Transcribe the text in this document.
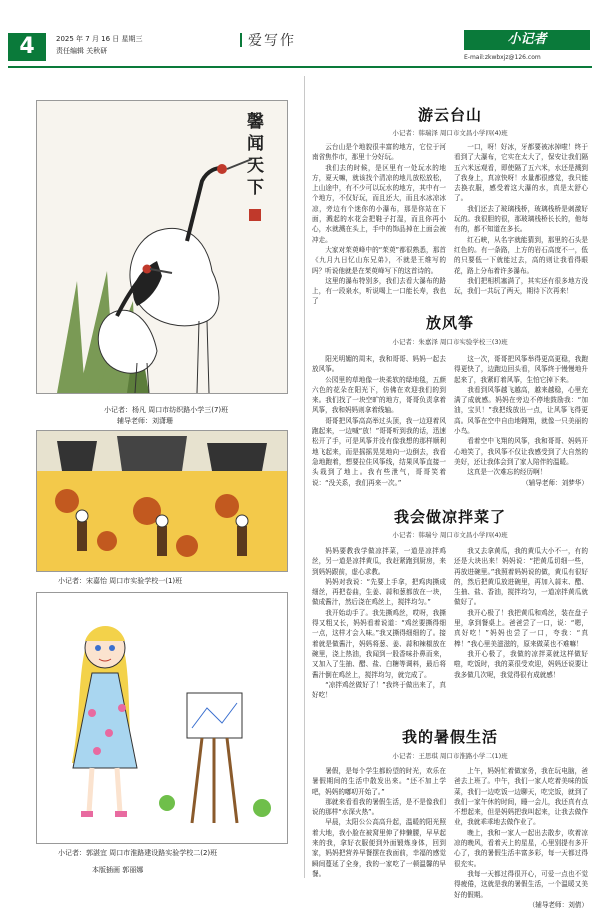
4	2025 年 7 月 16 日 星期三
责任编辑 关秋研
爱写作	小记者
E-mail:zkwbxjz@126.com
馨闻天下
小记者：杨凡 周口市纺织路小学三(7)班
辅导老师：刘潇珊
小记者：宋嘉怡 周口市实验学校一(1)班
小记者：郭湛宜 周口市淮路建设路实验学校二(2)班
本版插画 郭丽娜
游云台山
小记者：韩瑞泽 周口市文昌小学四(4)班

云台山是个地貌很丰富的地方，它位于河南省焦作市，那里十分好玩。

我们去的时候，是区里有一处玩水的地方，夏天嘛，就该找个清凉的地儿放松放松，上山途中，有不少可以玩水的地方，其中有一个地方，不仅好玩，而且还大，而且水冰凉冰凉，旁边有个迷你的小瀑布，那是你站在下面，溅起的水花会把鞋子打湿，而且你再小心，水就溅在头上，手中的饰品掉在上面会被冲走。

大家对茱萸峰中的“茱萸”都很熟悉，那首《九月九日忆山东兄弟》，不就是王维写的吗？听说他就是在茱萸峰写下的这首诗的。

这里的瀑布特别多，我们去看大瀑布的路上，有一段泉水，听说喝上一口能长寿，我也了

一口，呀！好冰，牙都要被冰掉啦！终于看到了大瀑布，它实在太大了，保安让我们隔五六米远观看，即使隔了五六米，水还是溅到了我身上，真凉快呀！水量都很感觉，我只能去换衣服，感受着这大瀑的水，真是太舒心了。

我们还去了玻璃栈桥，玻璃栈桥是刺激好玩的。我很胆的很，那玻璃栈桥长长的，他每有的，都不知道在多长。

红石峡，从名字就能猜到，那里的石头是红色的。有一条路，上方的岩石高度不一，低的只要低一下就能过去，高的则让我看得眼花，路上分布着许多瀑布。

我们把相机塞满了，其实还有很多地方没玩，我们一共玩了两天，期待下次再来！

放风筝
小记者：朱嘉泽 周口市实验学校三(3)班

阳光明媚的周末，我和哥哥、妈妈一起去放风筝。

公园里的草地像一块柔软的绿地毯，五颜六色的花朵在阳光下，仿佛在欢迎我们的到来。我们找了一块空旷的地方，哥哥负责拿着风筝，我和妈妈则拿着线轴。

哥哥把风筝高高举过头顶，我一边迎着风跑起来，一边喊“放！”哥哥听到我的话，迅速松开了手，可是风筝并没有像我想的那样顺利地飞起来，而是摇摇晃晃地向一边倒去，我看急地跑着，想要拉住风筝线，结果风筝直接一头栽到了地上。我有些泄气，哥哥笑着说：“没关系，我们再来一次。”

这一次，哥哥把风筝举得更高更稳，我跑得更快了，边跑边回头看，风筝终于慢慢地升起来了，我紧盯着风筝，生怕它掉下来。

我看到风筝越飞越高，越来越稳，心里充满了成就感。妈妈在旁边不停地鼓励我：“加油，宝贝！”我把线放出一点，让风筝飞得更高。风筝在空中自由地翱翔，就像一只美丽的小鸟。

看着空中飞翔的风筝，我和哥哥、妈妈开心地笑了，我风筝不仅让我感受到了大自然的美好，还让我体会到了家人陪伴的温暖。

这真是一次难忘的经历啊！

（辅导老师：刘梦华）

我会做凉拌菜了
小记者：韩瑞兮 周口市文昌小学四(4)班

妈妈要教我学做凉拌菜，一道是凉拌鸡丝，另一道是凉拌黄瓜，我赶紧跑到厨房，来到妈妈跟前，虚心求教。

妈妈对我说：“先要上手拿，把鸡肉撕成细丝，再把卷曲，生姜、蒜和葱都放在一块，做成酱汁，然后浇在鸡丝上，搅拌均匀。”

我开始动手了。我先撕鸡丝，哎呀，我撕得又粗又长，妈妈看着说道：“鸡丝要撕得细一点，这样才会入味。”我又撕得细细的了。接着就是做酱汁，妈妈将葱、姜、蒜和辣椒放在碗里，浇上热油，我闻到一股香味扑鼻而来，又加入了生抽、醋、盐、白糖等调料，最后将酱汁倒在鸡丝上，搅拌均匀，就完成了。

“凉拌鸡丝做好了！”我终于做出来了，真好吃！

我又去拿黄瓜，我的黄瓜大小不一，有的还是大块出来！妈妈说：“把黄瓜切细一些，再放进碗里。”我照着妈妈说的做，黄瓜有很好的，然后把黄瓜放进碗里，再加入蒜末、醋、生抽、盐、香油，搅拌均匀，一道凉拌黄瓜就做好了。

我开心极了！我把黄瓜和鸡丝，装在盘子里，拿到餐桌上。爸爸尝了一口，说：“嗯，真好吃！”妈妈也尝了一口，夸我：“真棒！”我心里美滋滋的，原来做菜也不难嘛！

我开心极了，我做的凉拌菜就这样做好啦，吃饭时，我的菜很受欢迎，妈妈还说要让我多做几次呢，我觉得很有成就感！

我的暑假生活
小记者：王思琪 周口市淮路小学二(1)班

暑假，是每个学生都盼望的时光，欢乐在暑假期间的生活中散发出来。“还不加上学吧，妈妈的嘟叨开始了。”

那就来看看我的暑假生活，是不是像我们说的那样“水深火热”。

早晨，太阳公公高高升起，温暖的阳光照着大地，我小脸在被窝里伸了伸懒腰，早早起来的我，拿好衣服便到外面锻炼身体，回到家，妈妈把营养早餐摆在我面前，幸福的感觉瞬间蔓延了全身，我的一家吃了一顿温馨的早餐。

上午，妈妈忙着做家务，我在玩电脑，爸爸去上班了。中午，我们一家人吃着美味的饭菜，我们一边吃饭一边聊天，吃完饭，就到了我们一家午休的时间，睡一会儿，我还真有点不想起来，但是妈妈把我叫起来，让我去做作业，我就乖乖地去做作业了。

晚上，我和一家人一起出去散步，吹着凉凉的晚风，看着天上的星星，心里别提有多开心了，我的暑假生活丰富多彩，每一天都过得很充实。

我每一天都过得很开心，可爱一点也不觉得疲倦，这就是我的暑假生活，一个温暖又美好的假期。

（辅导老师：刘倩）
